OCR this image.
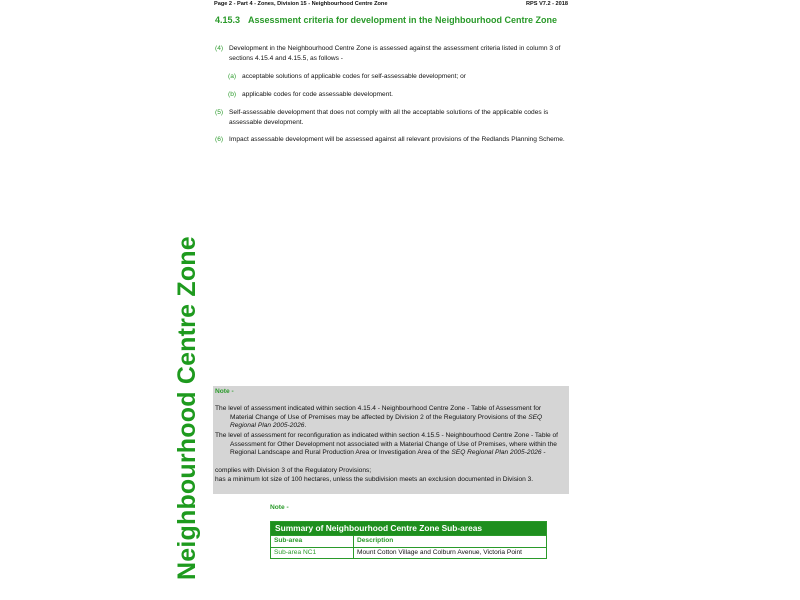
Page 2 - Part 4 - Zones, Division 15 - Neighbourhood Centre Zone	RPS V7.2 - 2018
4.15.3 Assessment criteria for development in the Neighbourhood Centre Zone
(4) Development in the Neighbourhood Centre Zone is assessed against the assessment criteria listed in column 3 of sections 4.15.4 and 4.15.5, as follows -
(a) acceptable solutions of applicable codes for self-assessable development; or
(b) applicable codes for code assessable development.
(5) Self-assessable development that does not comply with all the acceptable solutions of the applicable codes is assessable development.
(6) Impact assessable development will be assessed against all relevant provisions of the Redlands Planning Scheme.
Neighbourhood Centre Zone Note -
The level of assessment indicated within section 4.15.4 - Neighbourhood Centre Zone - Table of Assessment for Material Change of Use of Premises may be affected by Division 2 of the Regulatory Provisions of the SEQ Regional Plan 2005-2026.
The level of assessment for reconfiguration as indicated within section 4.15.5 - Neighbourhood Centre Zone - Table of Assessment for Other Development not associated with a Material Change of Use of Premises, where within the Regional Landscape and Rural Production Area or Investigation Area of the SEQ Regional Plan 2005-2026 -
complies with Division 3 of the Regulatory Provisions;
has a minimum lot size of 100 hectares, unless the subdivision meets an exclusion documented in Division 3.
Note -
Summary of Neighbourhood Centre Zone Sub-areas
Sub-area	Description
Sub-area NC1	Mount Cotton Village and Colburn Avenue, Victoria Point
